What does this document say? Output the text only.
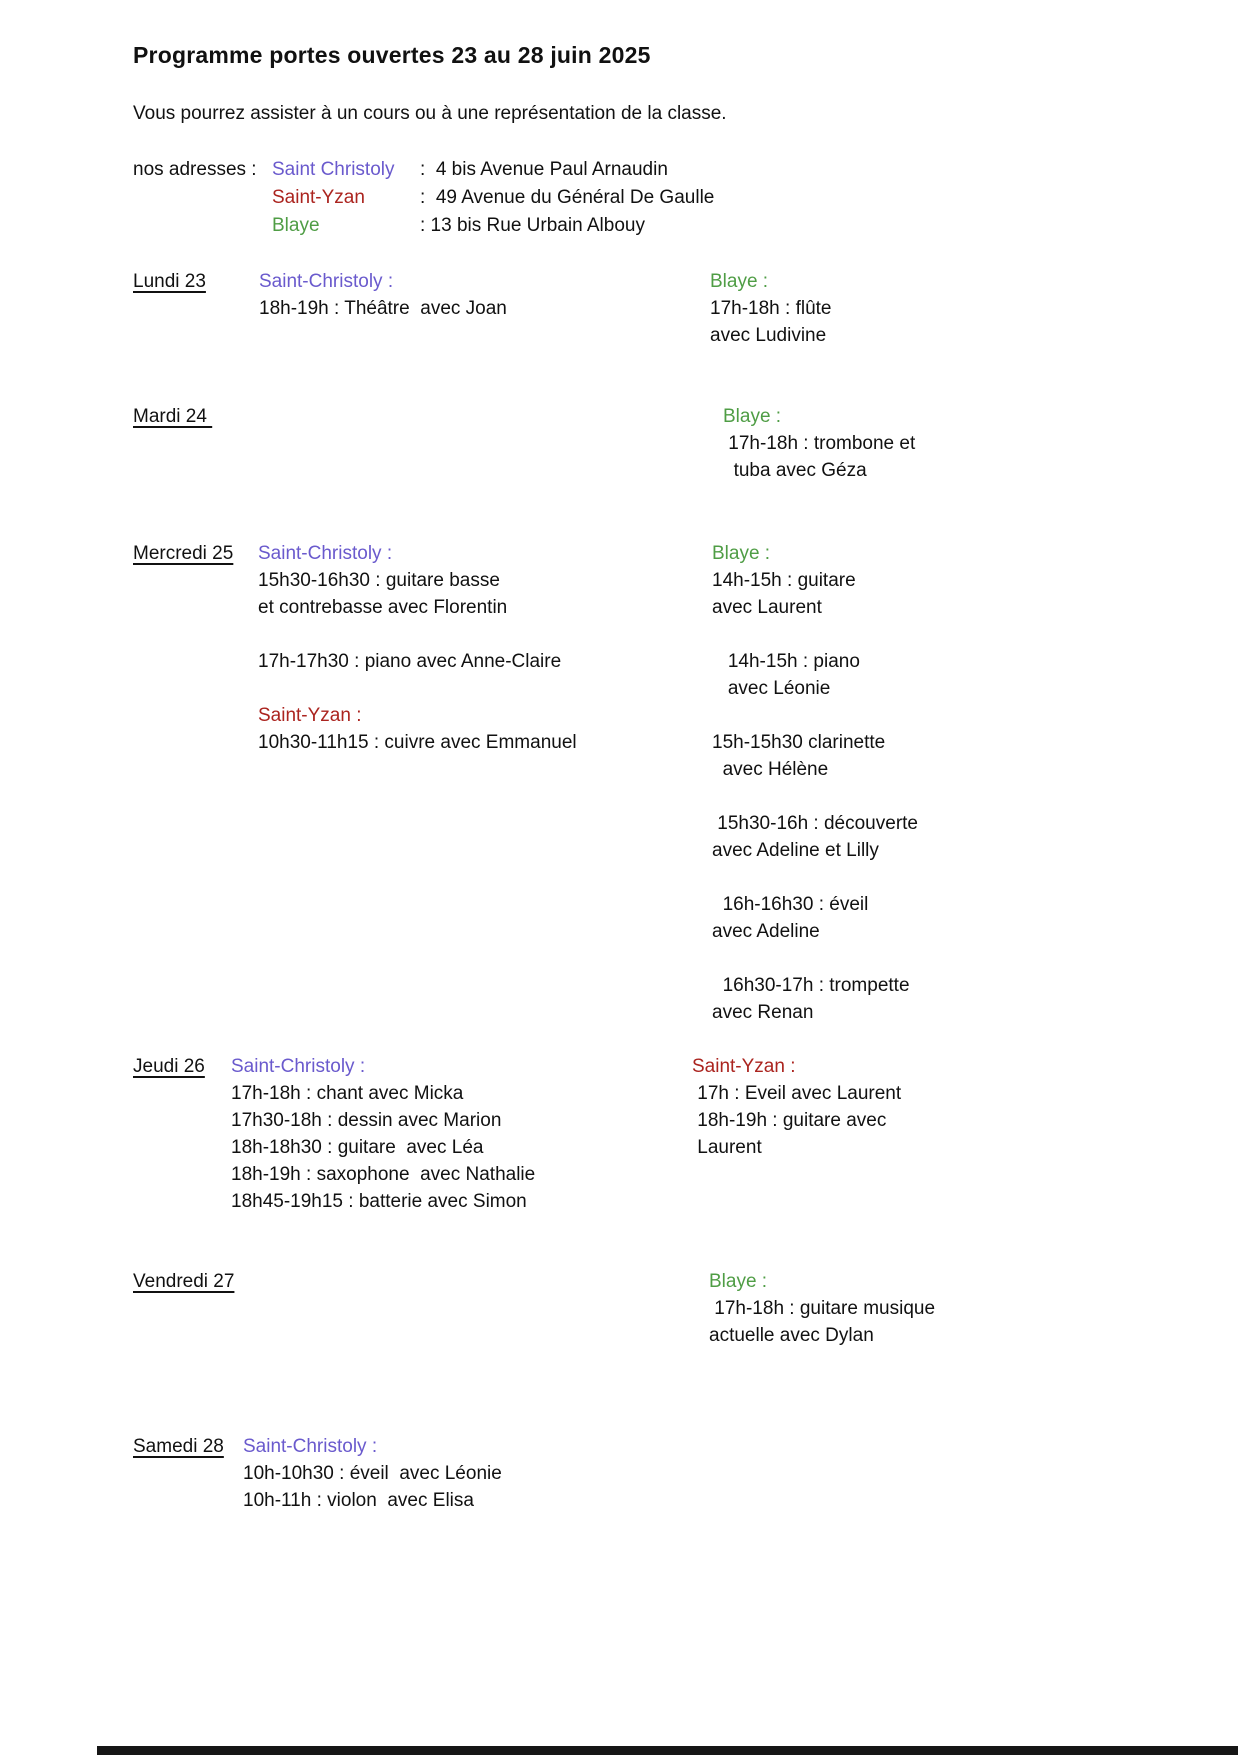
Programme portes ouvertes 23 au 28 juin 2025
Vous pourrez assister à un cours ou à une représentation de la classe.
nos adresses : Saint Christoly	:  4 bis Avenue Paul Arnaudin
Saint-Yzan	:  49 Avenue du Général De Gaulle
Blaye	: 13 bis Rue Urbain Albouy
Lundi 23	Saint-Christoly :
18h-19h : Théâtre  avec Joan
Blaye :
17h-18h : flûte
avec Ludivine
Mardi 24	Blaye :
17h-18h : trombone et
tuba avec Géza
Mercredi 25 Saint-Christoly :
15h30-16h30 : guitare basse
et contrebasse avec Florentin
17h-17h30 : piano avec Anne-Claire
Saint-Yzan :
10h30-11h15 : cuivre avec Emmanuel
Blaye :
14h-15h : guitare
avec Laurent
14h-15h : piano
avec Léonie
15h-15h30 clarinette
avec Hélène
15h30-16h : découverte
avec Adeline et Lilly
16h-16h30 : éveil
avec Adeline
16h30-17h : trompette
avec Renan
Jeudi 26 Saint-Christoly :
17h-18h : chant avec Micka
17h30-18h : dessin avec Marion
18h-18h30 : guitare  avec Léa
18h-19h : saxophone  avec Nathalie
18h45-19h15 : batterie avec Simon
Saint-Yzan :
17h : Eveil avec Laurent
18h-19h : guitare avec
Laurent
Vendredi 27	Blaye :
17h-18h : guitare musique
actuelle avec Dylan
Samedi 28 Saint-Christoly :
10h-10h30 : éveil  avec Léonie
10h-11h : violon  avec Elisa
